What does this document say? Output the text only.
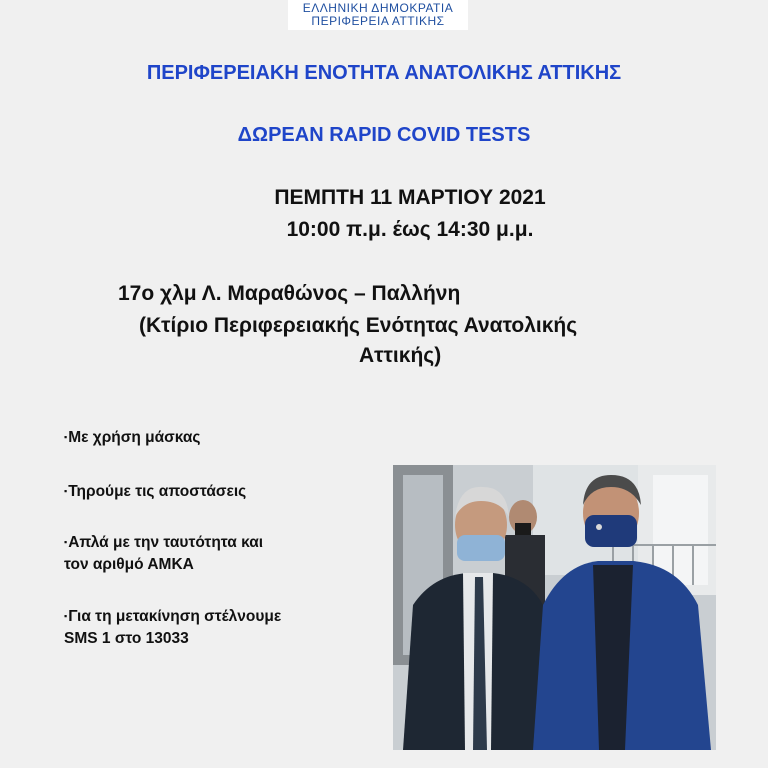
ΕΛΛΗΝΙΚΗ ΔΗΜΟΚΡΑΤΙΑ
ΠΕΡΙΦΕΡΕΙΑ ΑΤΤΙΚΗΣ
ΠΕΡΙΦΕΡΕΙΑΚΗ ΕΝΟΤΗΤΑ ΑΝΑΤΟΛΙΚΗΣ ΑΤΤΙΚΗΣ
ΔΩΡΕΑΝ RAPID COVID TESTS
ΠΕΜΠΤΗ 11 ΜΑΡΤΙΟΥ 2021
10:00 π.μ. έως 14:30 μ.μ.
17ο χλμ Λ. Μαραθώνος – Παλλήνη
(Κτίριο Περιφερειακής Ενότητας Ανατολικής
Αττικής)
▪Με χρήση μάσκας
▪Τηρούμε τις αποστάσεις
▪Απλά με την ταυτότητα και
τον αριθμό ΑΜΚΑ
▪Για τη μετακίνηση στέλνουμε
SMS 1 στο 13033
